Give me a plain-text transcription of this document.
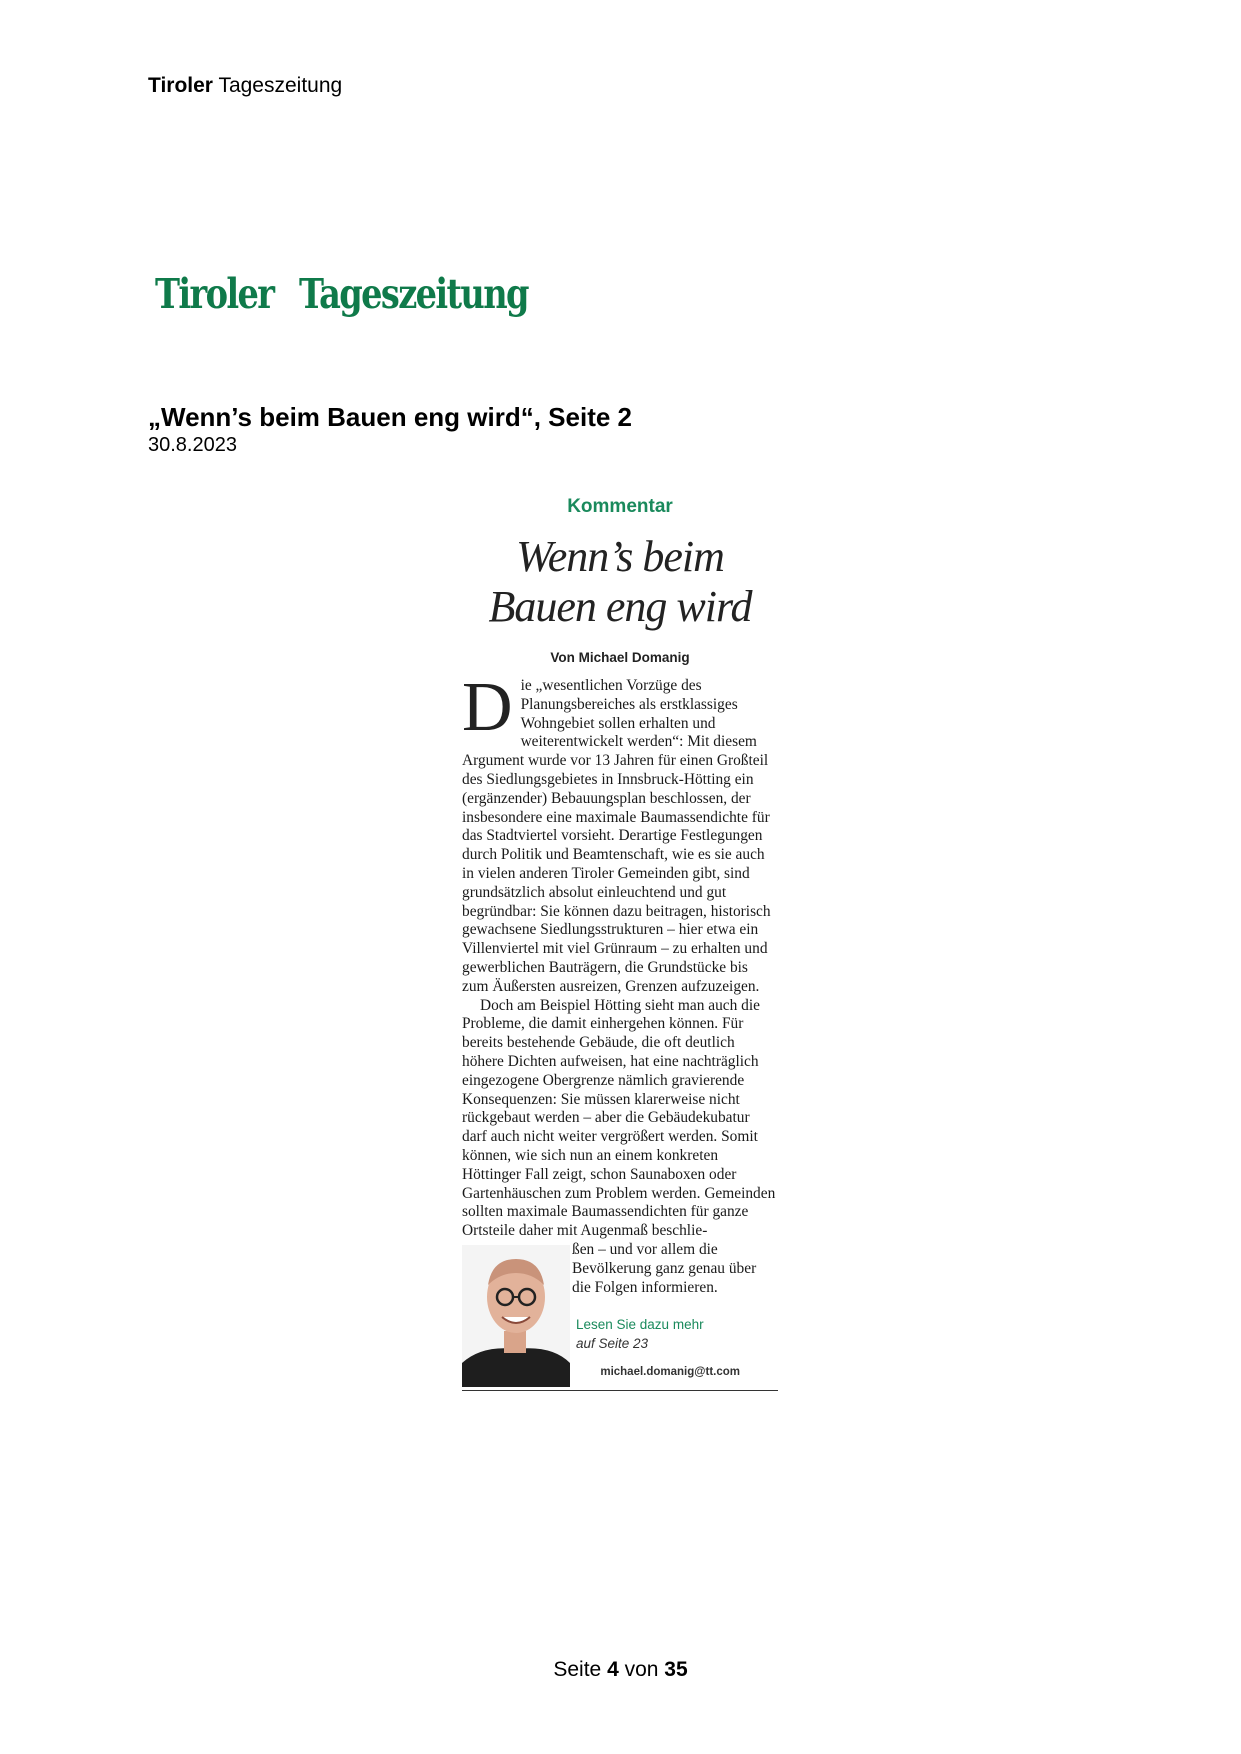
Tiroler Tageszeitung
Tiroler Tageszeitung
„Wenn’s beim Bauen eng wird“, Seite 2
30.8.2023
Kommentar
Wenn’s beim
Bauen eng wird
Von Michael Domanig

Die „wesentlichen Vorzüge des Planungsbereiches als erstklassiges Wohngebiet sollen erhalten und weiterentwickelt werden“: Mit diesem Argument wurde vor 13 Jahren für einen Großteil des Siedlungsgebietes in Innsbruck-Hötting ein (ergänzender) Bebauungsplan beschlossen, der insbesondere eine maximale Baumassendichte für das Stadtviertel vorsieht. Derartige Festlegungen durch Politik und Beamtenschaft, wie es sie auch in vielen anderen Tiroler Gemeinden gibt, sind grundsätzlich absolut einleuchtend und gut begründbar: Sie können dazu beitragen, historisch gewachsene Siedlungsstrukturen – hier etwa ein Villenviertel mit viel Grünraum – zu erhalten und gewerblichen Bauträgern, die Grundstücke bis zum Äußersten ausreizen, Grenzen aufzuzeigen.

Doch am Beispiel Hötting sieht man auch die Probleme, die damit einhergehen können. Für bereits bestehende Gebäude, die oft deutlich höhere Dichten aufweisen, hat eine nachträglich eingezogene Obergrenze nämlich gravierende Konsequenzen: Sie müssen klarerweise nicht rückgebaut werden – aber die Gebäudekubatur darf auch nicht weiter vergrößert werden. Somit können, wie sich nun an einem konkreten Höttinger Fall zeigt, schon Saunaboxen oder Gartenhäuschen zum Problem werden. Gemeinden sollten maximale Baumassendichten für ganze Ortsteile daher mit Augenmaß beschlie-

ßen – und vor allem die Bevölkerung ganz genau über die Folgen informieren.
Lesen Sie dazu mehr
auf Seite 23
michael.domanig@tt.com
Seite 4 von 35
